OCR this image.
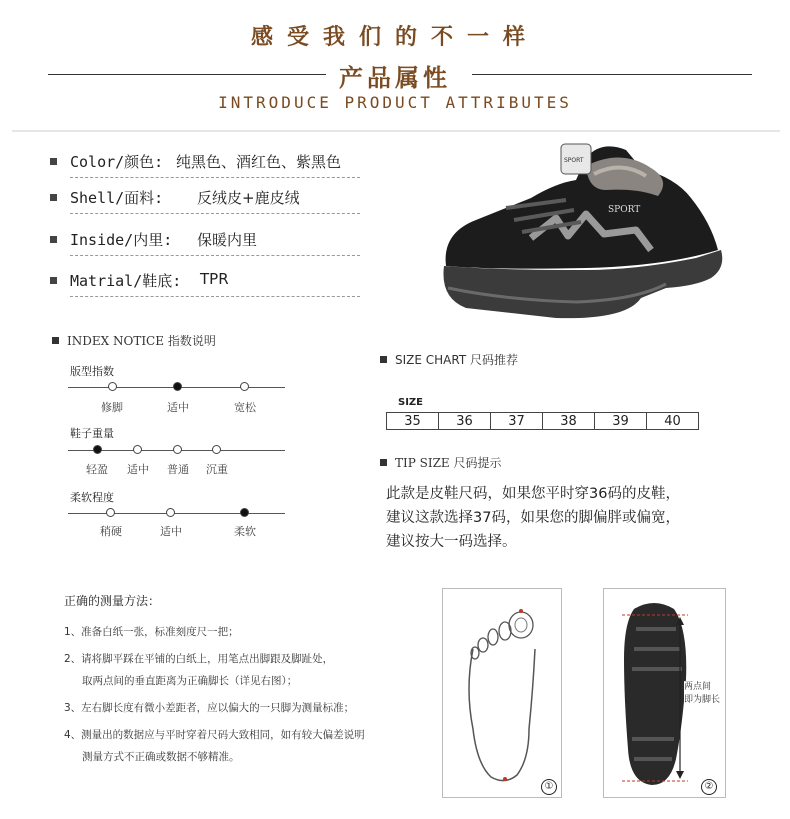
感受我们的不一样
产品属性
INTRODUCE PRODUCT ATTRIBUTES
Color/颜色: 纯黑色、酒红色、紫黑色
Shell/面料: 反绒皮+鹿皮绒
Inside/内里: 保暖内里
Matrial/鞋底: TPR
SPORT
SPORT
INDEX NOTICE 指数说明
版型指数
修脚	适中	宽松
鞋子重量
轻盈	适中	普通	沉重
柔软程度
稍硬	适中	柔软
SIZE CHART 尺码推荐
SIZE
35	36	37	38	39	40
TIP SIZE 尺码提示
此款是皮鞋尺码，如果您平时穿36码的皮鞋，
建议这款选择37码，如果您的脚偏胖或偏宽，
建议按大一码选择。
正确的测量方法：
1、准备白纸一张，标准刻度尺一把；
2、请将脚平踩在平铺的白纸上，用笔点出脚跟及脚趾处，
取两点间的垂直距离为正确脚长（详见右图）；
3、左右脚长度有微小差距者，应以偏大的一只脚为测量标准；
4、测量出的数据应与平时穿着尺码大致相同，如有较大偏差说明
测量方式不正确或数据不够精准。
①
两点间
即为脚长
②
